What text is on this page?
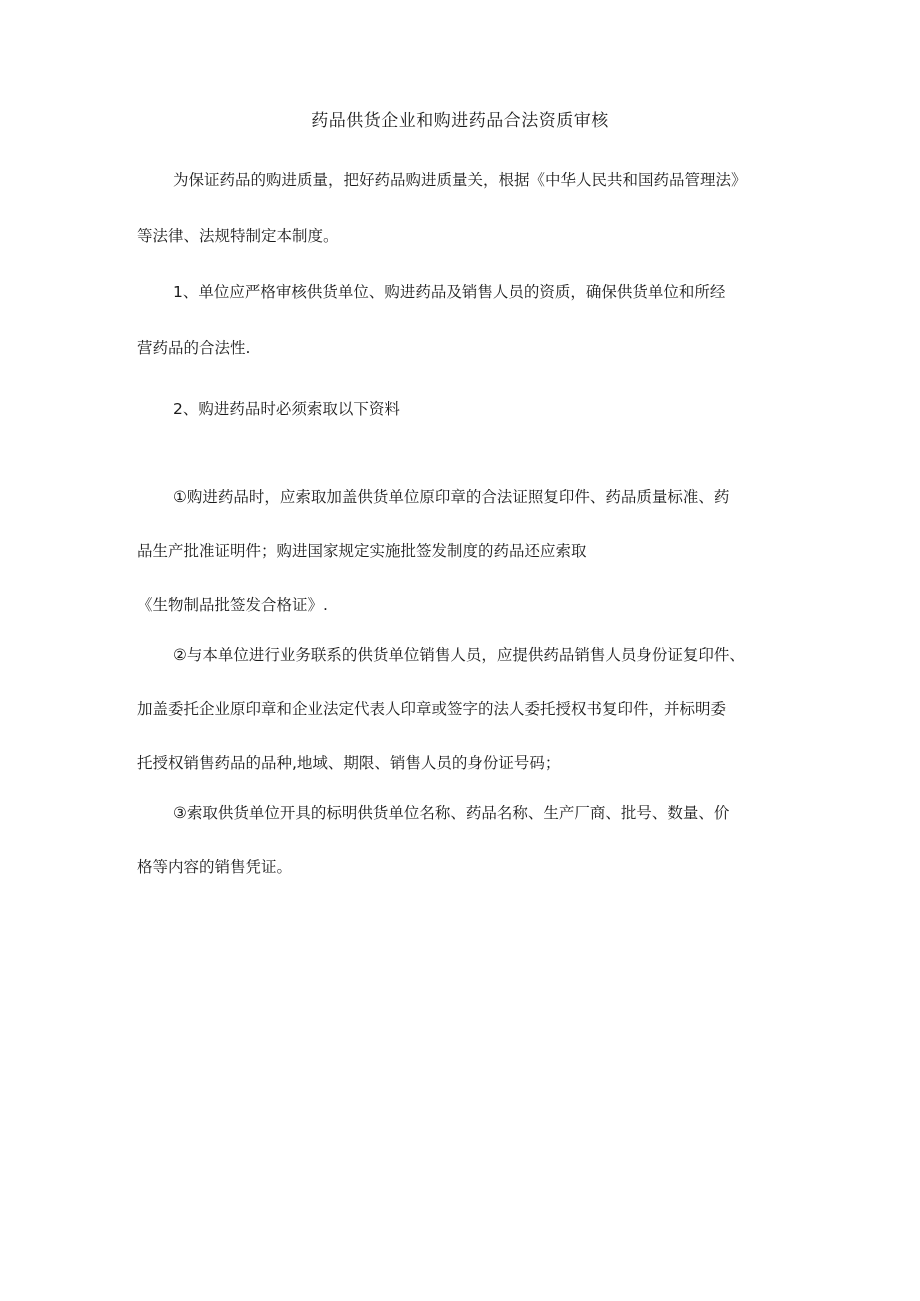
药品供货企业和购进药品合法资质审核

为保证药品的购进质量，把好药品购进质量关，根据《中华人民共和国药品管理法》
等法律、法规特制定本制度。

1、单位应严格审核供货单位、购进药品及销售人员的资质，确保供货单位和所经
营药品的合法性.

2、购进药品时必须索取以下资料

①购进药品时，应索取加盖供货单位原印章的合法证照复印件、药品质量标准、药
品生产批准证明件；购进国家规定实施批签发制度的药品还应索取
《生物制品批签发合格证》.

②与本单位进行业务联系的供货单位销售人员，应提供药品销售人员身份证复印件、
加盖委托企业原印章和企业法定代表人印章或签字的法人委托授权书复印件，并标明委
托授权销售药品的品种,地域、期限、销售人员的身份证号码；

③索取供货单位开具的标明供货单位名称、药品名称、生产厂商、批号、数量、价
格等内容的销售凭证。
